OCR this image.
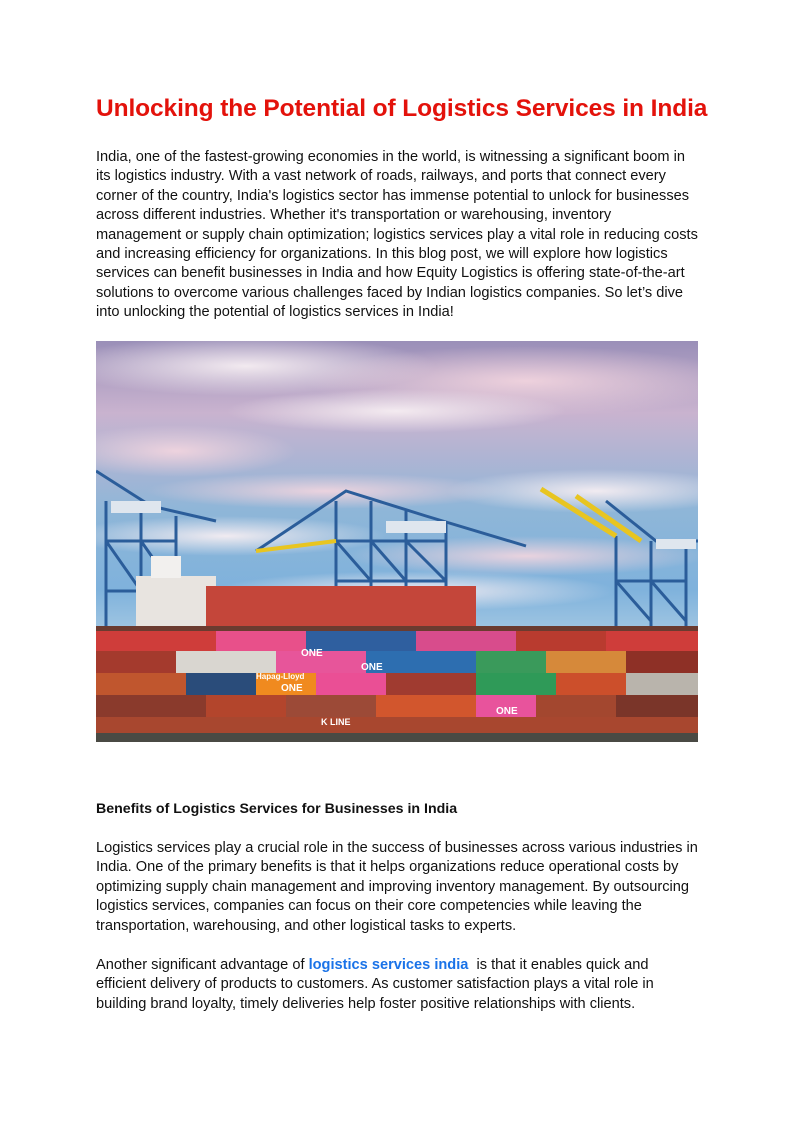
Unlocking the Potential of Logistics Services in India

India, one of the fastest-growing economies in the world, is witnessing a significant boom in its logistics industry. With a vast network of roads, railways, and ports that connect every corner of the country, India's logistics sector has immense potential to unlock for businesses across different industries. Whether it's transportation or warehousing, inventory management or supply chain optimization; logistics services play a vital role in reducing costs and increasing efficiency for organizations. In this blog post, we will explore how logistics services can benefit businesses in India and how Equity Logistics is offering state-of-the-art solutions to overcome various challenges faced by Indian logistics companies. So let’s dive into unlocking the potential of logistics services in India!

ONE
Hapag-Lloyd
K LINE
ONE
ONE
ONE
Benefits of Logistics Services for Businesses in India

Logistics services play a crucial role in the success of businesses across various industries in India. One of the primary benefits is that it helps organizations reduce operational costs by optimizing supply chain management and improving inventory management. By outsourcing logistics services, companies can focus on their core competencies while leaving the transportation, warehousing, and other logistical tasks to experts.

Another significant advantage of logistics services india  is that it enables quick and efficient delivery of products to customers. As customer satisfaction plays a vital role in building brand loyalty, timely deliveries help foster positive relationships with clients.
